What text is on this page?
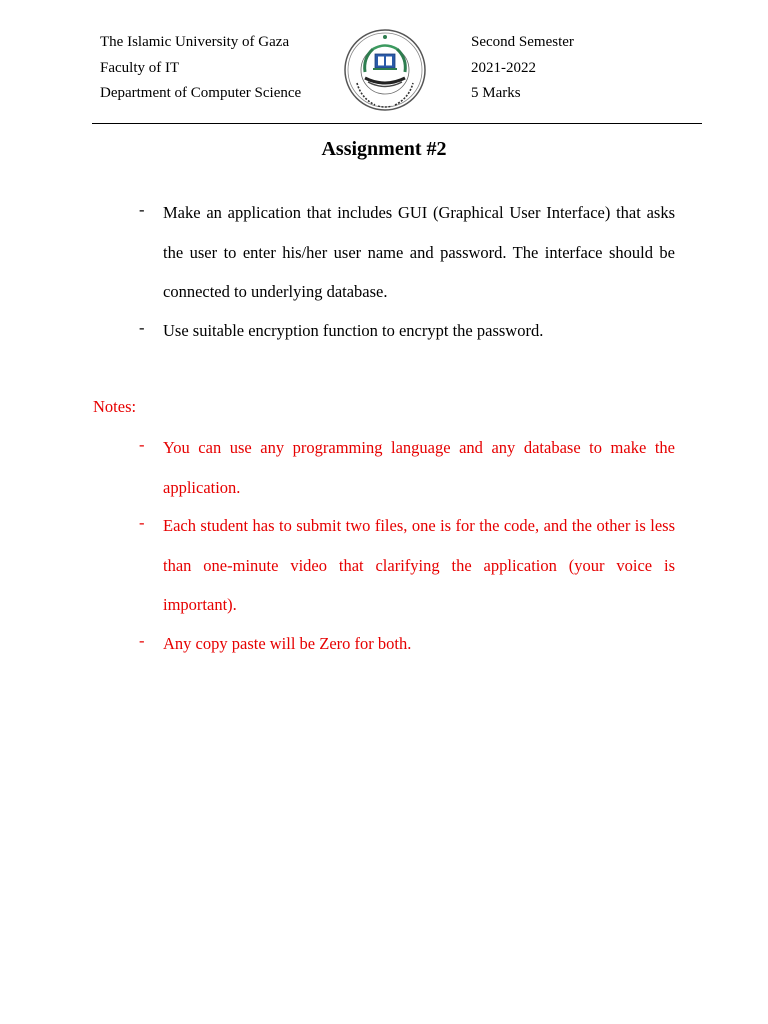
The Islamic University of Gaza
Faculty of IT
Department of Computer Science
Second Semester
2021-2022
5 Marks
Assignment #2
- Make an application that includes GUI (Graphical User Interface) that asks the user to enter his/her user name and password. The interface should be connected to underlying database.
- Use suitable encryption function to encrypt the password.
Notes:
- You can use any programming language and any database to make the application.
- Each student has to submit two files, one is for the code, and the other is less than one-minute video that clarifying the application (your voice is important).
- Any copy paste will be Zero for both.
